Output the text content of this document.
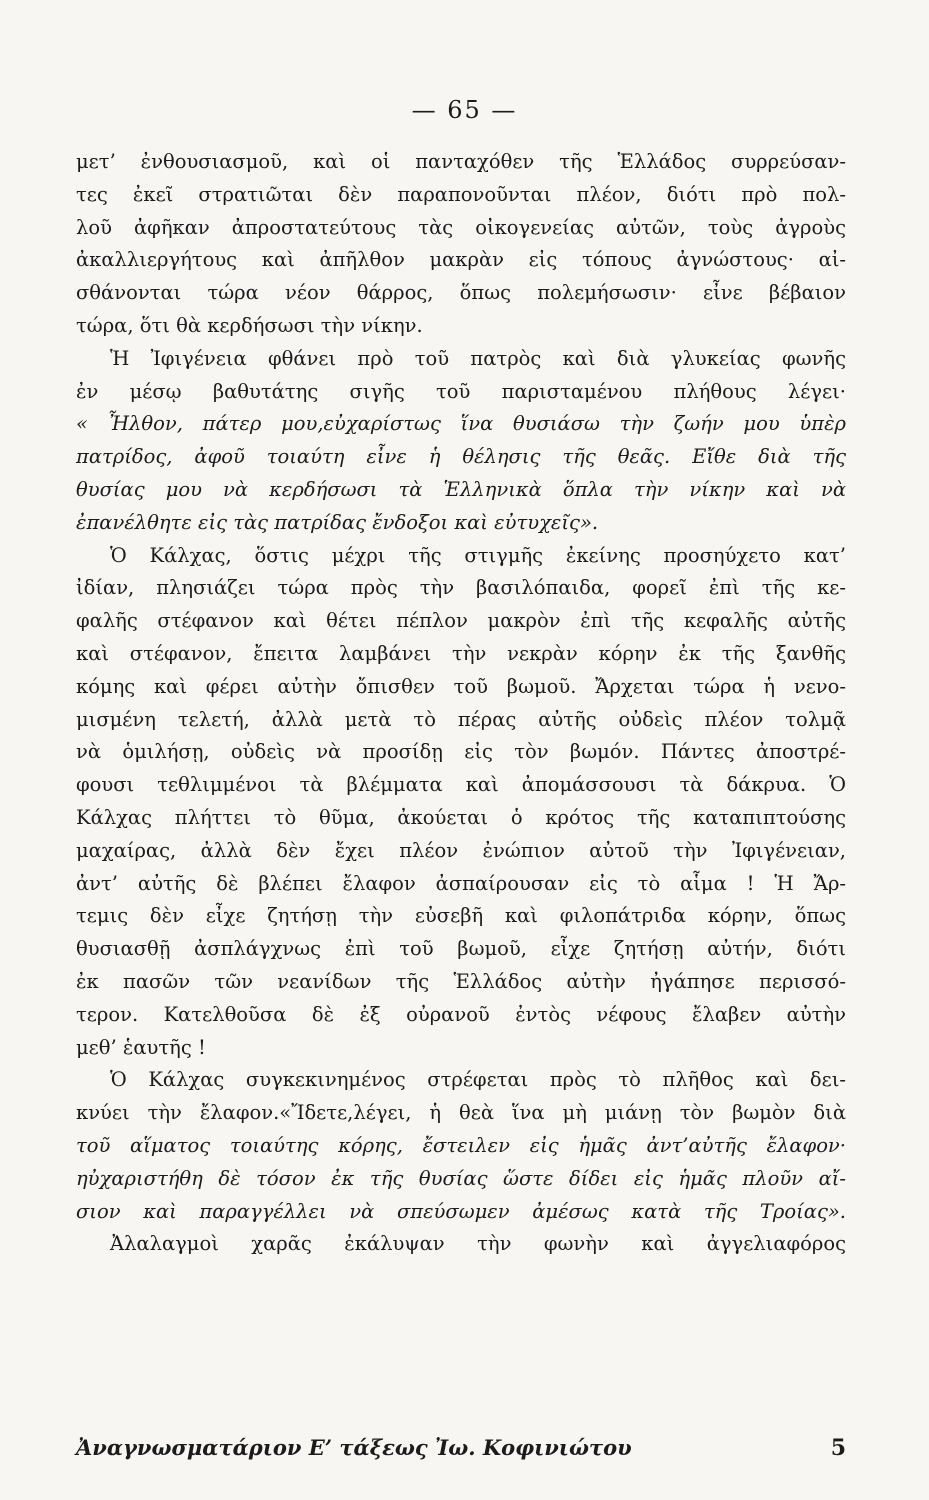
— 65 —
μετ’ ἐνθουσιασμοῦ, καὶ οἱ πανταχόθεν τῆς Ἑλλάδος συρρεύσαν-
τες ἐκεῖ στρατιῶται δὲν παραπονοῦνται πλέον, διότι πρὸ πολ-
λοῦ ἀφῆκαν ἀπροστατεύτους τὰς οἰκογενείας αὐτῶν, τοὺς ἀγροὺς
ἀκαλλιεργήτους καὶ ἀπῆλθον μακρὰν εἰς τόπους ἀγνώστους· αἰ-
σθάνονται τώρα νέον θάρρος, ὅπως πολεμήσωσιν· εἶνε βέβαιον
τώρα, ὅτι θὰ κερδήσωσι τὴν νίκην.
Ἡ Ἰφιγένεια φθάνει πρὸ τοῦ πατρὸς καὶ διὰ γλυκείας φωνῆς
ἐν μέσῳ βαθυτάτης σιγῆς τοῦ παρισταμένου πλήθους λέγει·
« Ἦλθον, πάτερ μου,εὐχαρίστως ἵνα θυσιάσω τὴν ζωήν μου ὑπὲρ
πατρίδος, ἀφοῦ τοιαύτη εἶνε ἡ θέλησις τῆς θεᾶς. Εἴθε διὰ τῆς
θυσίας μου νὰ κερδήσωσι τὰ Ἑλληνικὰ ὅπλα τὴν νίκην καὶ νὰ
ἐπανέλθητε εἰς τὰς πατρίδας ἔνδοξοι καὶ εὐτυχεῖς».
Ὁ Κάλχας, ὅστις μέχρι τῆς στιγμῆς ἐκείνης προσηύχετο κατ’
ἰδίαν, πλησιάζει τώρα πρὸς τὴν βασιλόπαιδα, φορεῖ ἐπὶ τῆς κε-
φαλῆς στέφανον καὶ θέτει πέπλον μακρὸν ἐπὶ τῆς κεφαλῆς αὐτῆς
καὶ στέφανον, ἔπειτα λαμβάνει τὴν νεκρὰν κόρην ἐκ τῆς ξανθῆς
κόμης καὶ φέρει αὐτὴν ὄπισθεν τοῦ βωμοῦ. Ἄρχεται τώρα ἡ νενο-
μισμένη τελετή, ἀλλὰ μετὰ τὸ πέρας αὐτῆς οὐδεὶς πλέον τολμᾷ
νὰ ὁμιλήσῃ, οὐδεὶς νὰ προσίδῃ εἰς τὸν βωμόν. Πάντες ἀποστρέ-
φουσι τεθλιμμένοι τὰ βλέμματα καὶ ἀπομάσσουσι τὰ δάκρυα. Ὁ
Κάλχας πλήττει τὸ θῦμα, ἀκούεται ὁ κρότος τῆς καταπιπτούσης
μαχαίρας, ἀλλὰ δὲν ἔχει πλέον ἐνώπιον αὐτοῦ τὴν Ἰφιγένειαν,
ἀντ’ αὐτῆς δὲ βλέπει ἔλαφον ἀσπαίρουσαν εἰς τὸ αἷμα ! Ἡ Ἄρ-
τεμις δὲν εἶχε ζητήσῃ τὴν εὐσεβῆ καὶ φιλοπάτριδα κόρην, ὅπως
θυσιασθῇ ἀσπλάγχνως ἐπὶ τοῦ βωμοῦ, εἶχε ζητήσῃ αὐτήν, διότι
ἐκ πασῶν τῶν νεανίδων τῆς Ἑλλάδος αὐτὴν ἠγάπησε περισσό-
τερον. Κατελθοῦσα δὲ ἐξ οὐρανοῦ ἐντὸς νέφους ἔλαβεν αὐτὴν
μεθ’ ἑαυτῆς !
Ὁ Κάλχας συγκεκινημένος στρέφεται πρὸς τὸ πλῆθος καὶ δει-
κνύει τὴν ἔλαφον.«Ἴδετε,λέγει, ἡ θεὰ ἵνα μὴ μιάνῃ τὸν βωμὸν διὰ
τοῦ αἵματος τοιαύτης κόρης, ἔστειλεν εἰς ἡμᾶς ἀντ’αὐτῆς ἔλαφον·
ηὐχαριστήθη δὲ τόσον ἐκ τῆς θυσίας ὥστε δίδει εἰς ἡμᾶς πλοῦν αἴ-
σιον καὶ παραγγέλλει νὰ σπεύσωμεν ἀμέσως κατὰ τῆς Τροίας».
Ἀλαλαγμοὶ χαρᾶς ἐκάλυψαν τὴν φωνὴν καὶ ἀγγελιαφόρος
Ἀναγνωσματάριον Ε’ τάξεως Ἰω. Κοφινιώτου	5
